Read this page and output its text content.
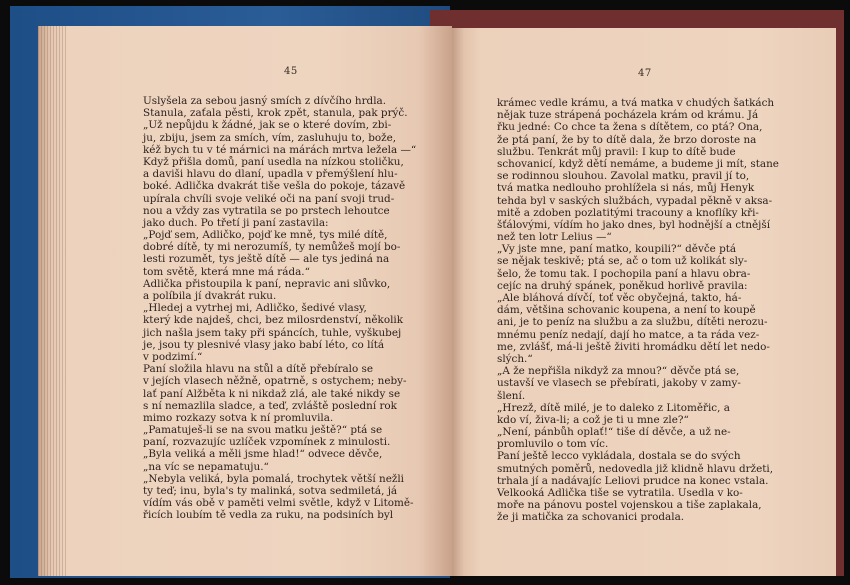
45
Uslyšela za sebou jasný smích z dívčího hrdla.
Stanula, zaťala pěsti, krok zpět, stanula, pak prýč.
„Už nepůjdu k žádné, jak se o které dovím, zbi-
ju, zbiju, jsem za smích, vím, zasluhuju to, bože,
kéž bych tu v té márnici na márách mrtva ležela —“
Když přišla domů, paní usedla na nízkou stoličku,
a daviši hlavu do dlaní, upadla v přemýšlení hlu-
boké. Adlička dvakrát tiše vešla do pokoje, tázavě
upírala chvíli svoje veliké oči na paní svoji trud-
nou a vždy zas vytratila se po prstech lehoutce
jako duch. Po třetí ji paní zastavila:
„Pojď sem, Adličko, pojď ke mně, tys milé dítě,
dobré dítě, ty mi nerozumíš, ty nemůžeš mojí bo-
lesti rozumět, tys ještě dítě — ale tys jediná na
tom světě, která mne má ráda.“
Adlička přistoupila k paní, nepravic ani slůvko,
a políbila jí dvakrát ruku.
„Hledej a vytrhej mi, Adličko, šedivé vlasy,
který kde najdeš, chci, bez milosrdenství, několik
jich našla jsem taky při spáncích, tuhle, vyškubej
je, jsou ty plesnivé vlasy jako babí léto, co lítá
v podzimí.“
Paní složila hlavu na stůl a dítě přebíralo se
v jejích vlasech něžně, opatrně, s ostychem; neby-
lať paní Alžběta k ni nikdaž zlá, ale také nikdy se
s ní nemazlila sladce, a teď, zvláště poslední rok
mimo rozkazy sotva k ní promluvila.
„Pamatuješ-li se na svou matku ještě?“ ptá se
paní, rozvazujíc uzlíček vzpomínek z minulosti.
„Byla veliká a měli jsme hlad!“ odvece děvče,
„na víc se nepamatuju.“
„Nebyla veliká, byla pomalá, trochytek větší nežli
ty teď; inu, byla's ty malinká, sotva sedmiletá, já
vídím vás obě v paměti velmi světle, když v Litomě-
řicích loubím tě vedla za ruku, na podsiních byl
47
krámec vedle krámu, a tvá matka v chudých šatkách
nějak tuze strápená pocházela krám od krámu. Já
řku jedné: Co chce ta žena s dítětem, co ptá? Ona,
že ptá paní, že by to dítě dala, že brzo doroste na
službu. Tenkrát můj pravil: I kup to dítě bude
schovanicí, když dětí nemáme, a budeme ji mít, stane
se rodinnou slouhou. Zavolal matku, pravil jí to,
tvá matka nedlouho prohlížela si nás, můj Henyk
tehda byl v saských službách, vypadal pěkně v aksa-
mitě a zdoben pozlatitými tracouny a knoflíky kři-
šťálovými, vídím ho jako dnes, byl hodnější a ctnější
než ten lotr Lelius —“
„Vy jste mne, paní matko, koupili?“ děvče ptá
se nějak teskivě; ptá se, ač o tom už kolikát sly-
šelo, že tomu tak. I pochopila paní a hlavu obra-
cejíc na druhý spánek, poněkud horlivě pravila:
„Ale bláhová dívčí, toť věc obyčejná, takto, há-
dám, většina schovanic koupena, a není to koupě
ani, je to peníz na službu a za službu, dítěti nerozu-
mnému peníz nedají, dají ho matce, a ta ráda vez-
me, zvlášť, má-li ještě živiti hromádku dětí let nedo-
slých.“
„A že nepřišla nikdyž za mnou?“ děvče ptá se,
ustavší ve vlasech se přebírati, jakoby v zamy-
šlení.
„Hrezž, dítě milé, je to daleko z Litoměřic, a
kdo ví, živa-li; a což je ti u mne zle?“
„Není, pánbůh oplať!“ tiše dí děvče, a už ne-
promluvilo o tom víc.
Paní ještě lecco vykládala, dostala se do svých
smutných poměrů, nedovedla již klidně hlavu držeti,
trhala jí a nadávajíc Leliovi prudce na konec vstala.
Velkooká Adlička tiše se vytratila. Usedla v ko-
moře na pánovu postel vojenskou a tiše zaplakala,
že ji matička za schovanici prodala.
